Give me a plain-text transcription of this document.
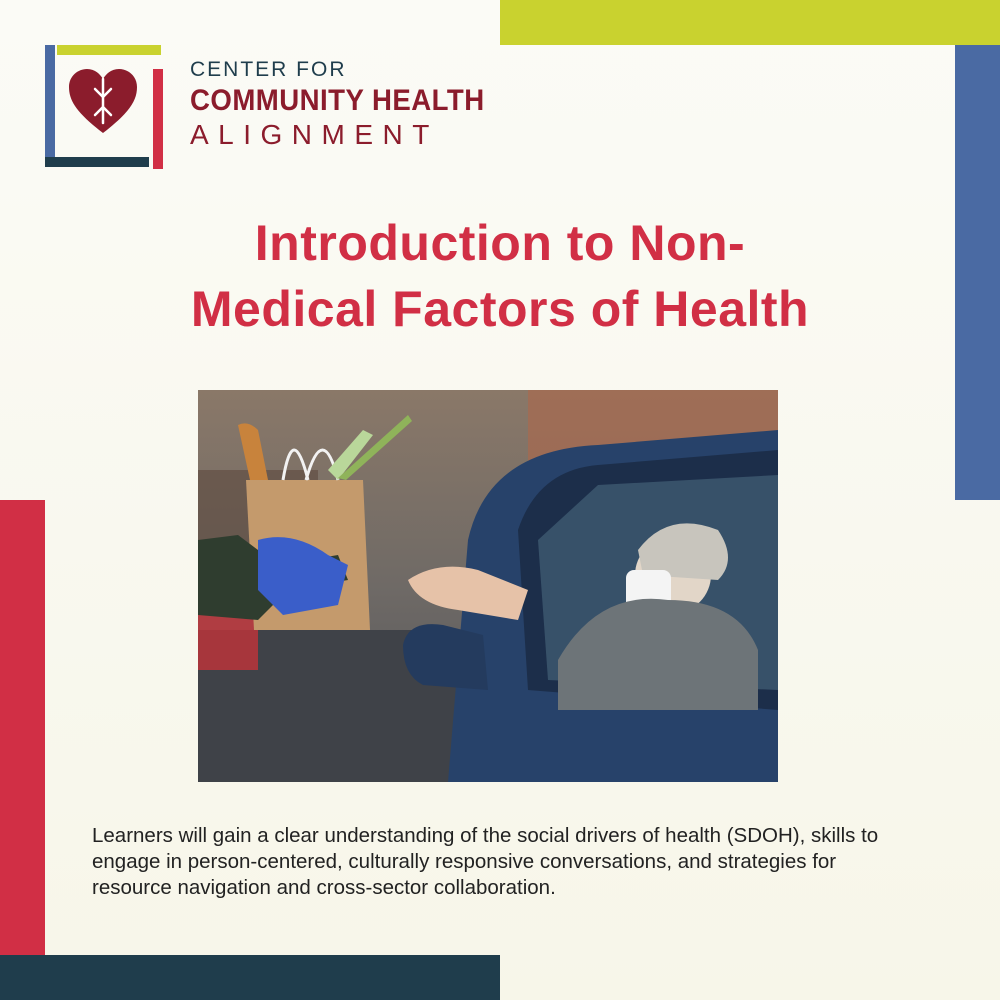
CENTER FOR
COMMUNITY HEALTH
ALIGNMENT
Introduction to Non-
Medical Factors of Health
Learners will gain a clear understanding of the social drivers of health (SDOH), skills to engage in person-centered, culturally responsive conversations, and strategies for resource navigation and cross-sector collaboration.
